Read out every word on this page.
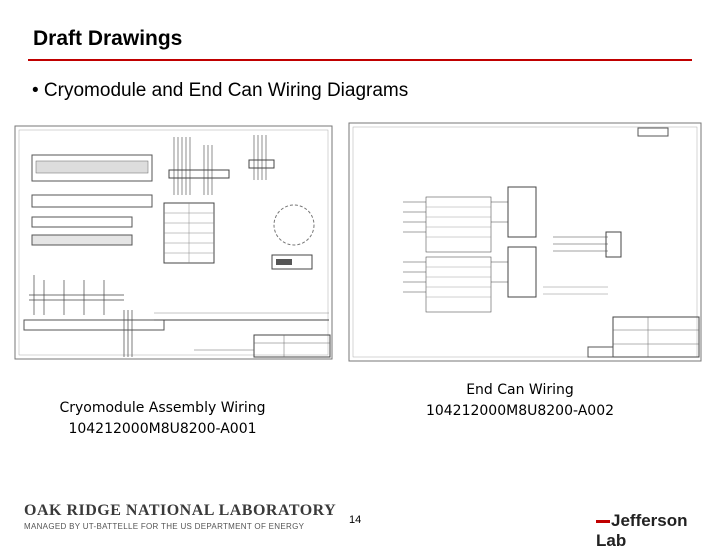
Draft Drawings
• Cryomodule and End Can Wiring Diagrams
Cryomodule Assembly Wiring
104212000M8U8200-A001
End Can Wiring
104212000M8U8200-A002
OAK RIDGE NATIONAL LABORATORY
MANAGED BY UT-BATTELLE FOR THE US DEPARTMENT OF ENERGY
14	Jefferson Lab
